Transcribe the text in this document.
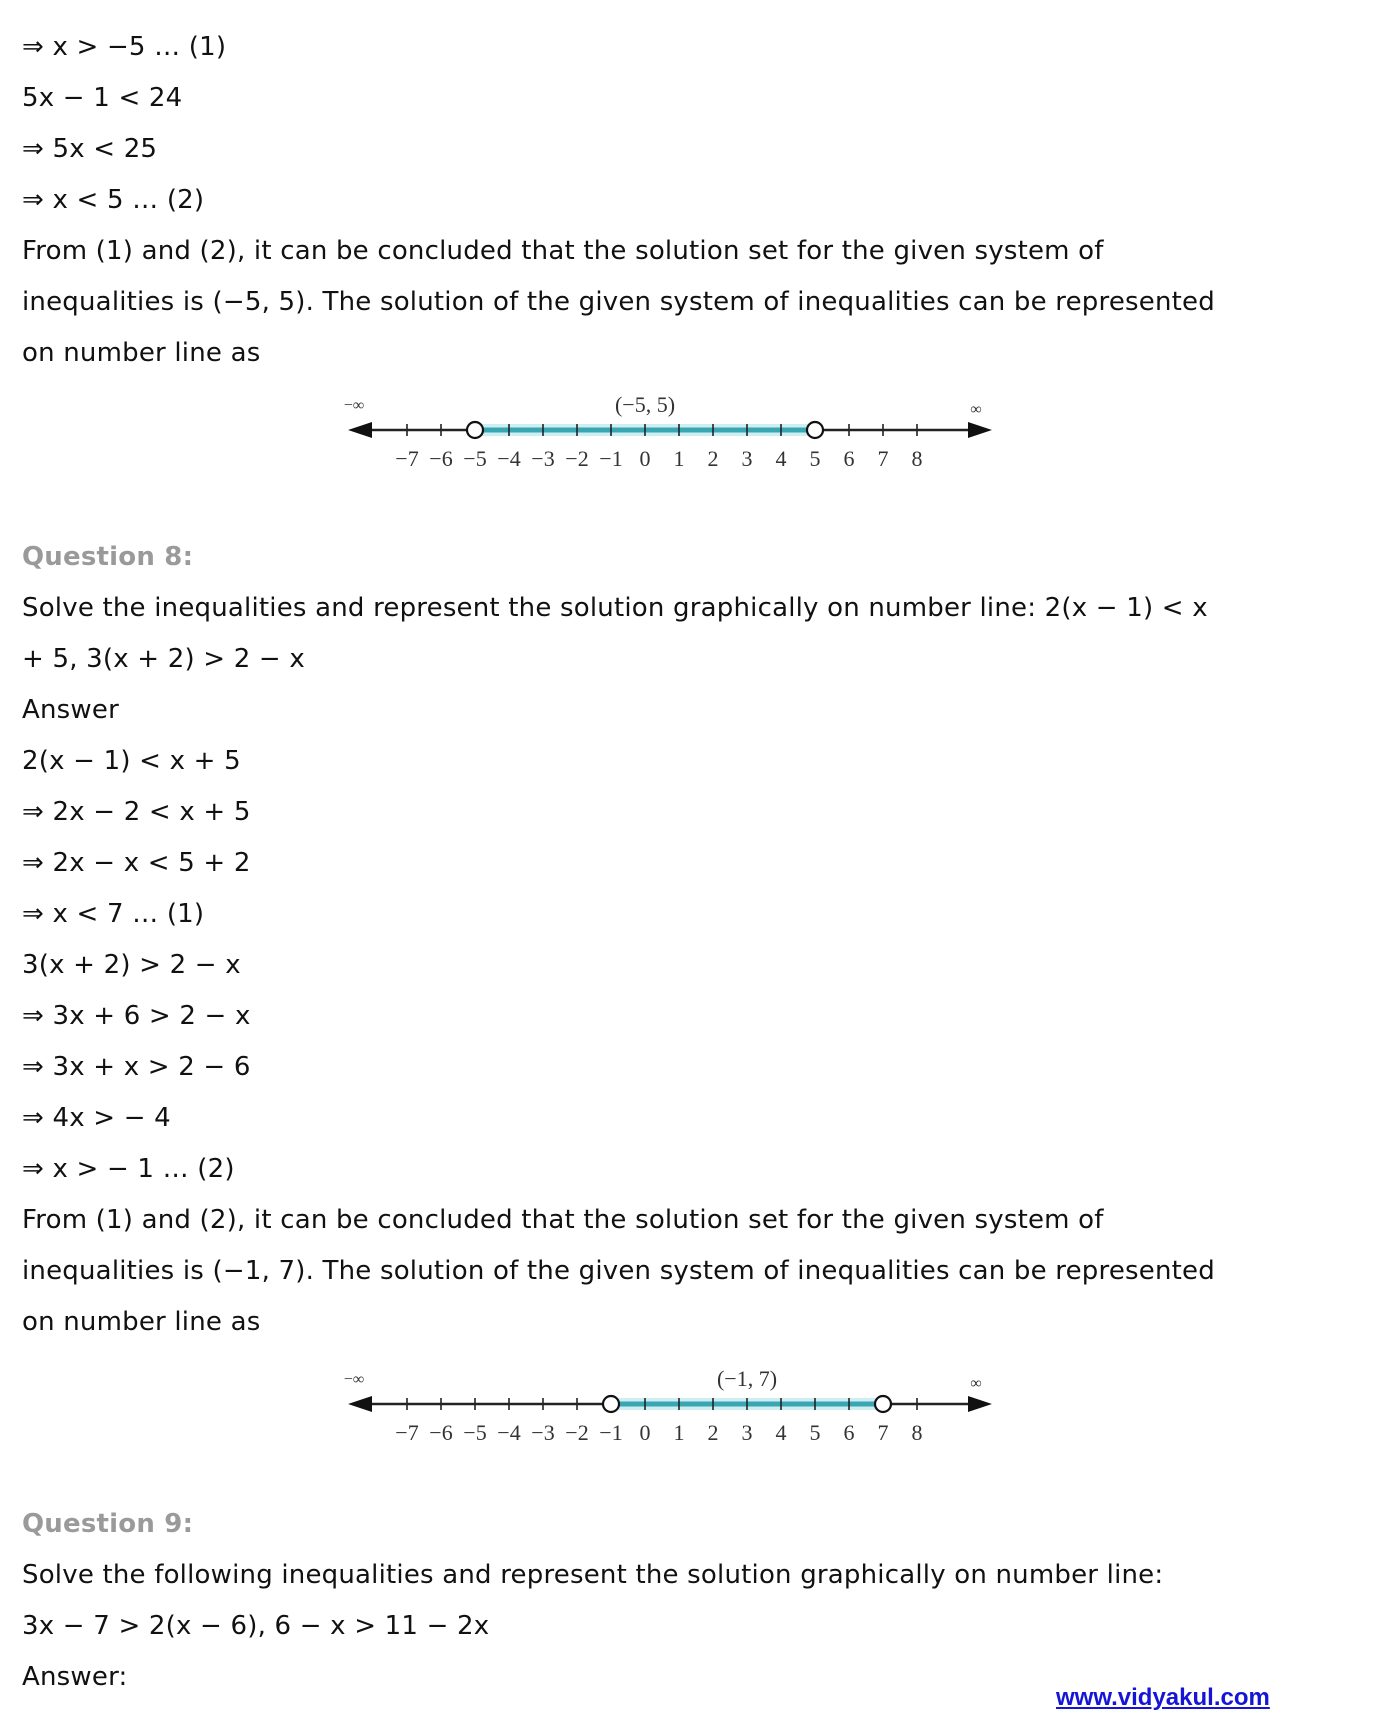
⇒ x > −5 … (1)
5x − 1 < 24
⇒ 5x < 25
⇒ x < 5 … (2)
From (1) and (2), it can be concluded that the solution set for the given system of
inequalities is (−5, 5). The solution of the given system of inequalities can be represented
on number line as
−7 −6 −5 −4 −3 −2 −1 0 1 2 3 4 5 6 7 8
(−5, 5)
−∞	∞
Question 8:
Solve the inequalities and represent the solution graphically on number line: 2(x − 1) < x
+ 5, 3(x + 2) > 2 − x
Answer
2(x − 1) < x + 5
⇒ 2x − 2 < x + 5
⇒ 2x − x < 5 + 2
⇒ x < 7 … (1)
3(x + 2) > 2 − x
⇒ 3x + 6 > 2 − x
⇒ 3x + x > 2 − 6
⇒ 4x > − 4
⇒ x > − 1 … (2)
From (1) and (2), it can be concluded that the solution set for the given system of
inequalities is (−1, 7). The solution of the given system of inequalities can be represented
on number line as
−7 −6 −5 −4 −3 −2 −1 0 1 2 3 4 5 6 7 8
(−1, 7)
−∞	∞
Question 9:
Solve the following inequalities and represent the solution graphically on number line:
3x − 7 > 2(x − 6), 6 − x > 11 − 2x
Answer:
www.vidyakul.com
